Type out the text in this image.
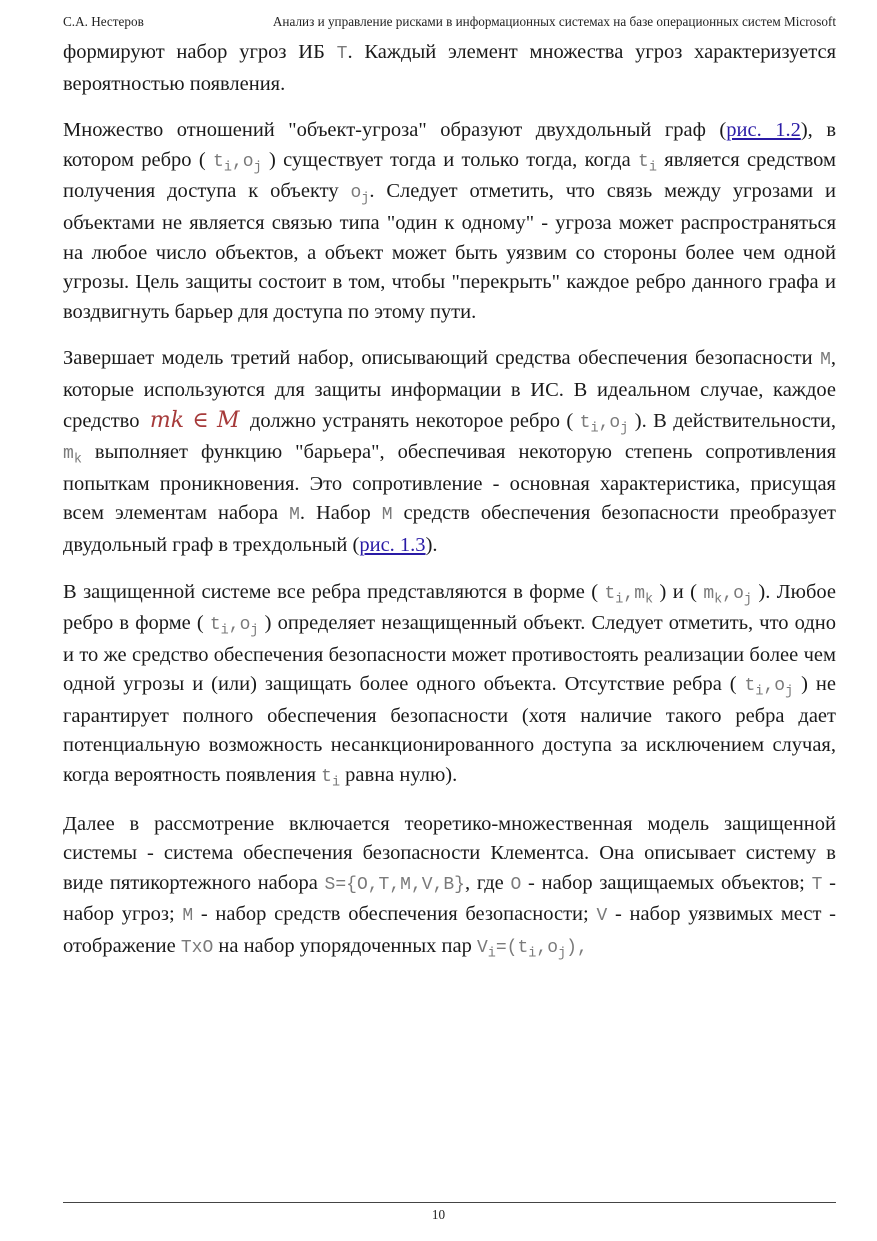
С.А. Нестеров	Анализ и управление рисками в информационных системах на базе операционных систем Microsoft

формируют набор угроз ИБ T. Каждый элемент множества угроз характеризуется вероятностью появления.

Множество отношений "объект-угроза" образуют двухдольный граф (рис. 1.2), в котором ребро ( $t_i,o_j$ ) существует тогда и только тогда, когда $t_i$ является средством получения доступа к объекту $o_j$. Следует отметить, что связь между угрозами и объектами не является связью типа "один к одному" - угроза может распространяться на любое число объектов, а объект может быть уязвим со стороны более чем одной угрозы. Цель защиты состоит в том, чтобы "перекрыть" каждое ребро данного графа и воздвигнуть барьер для доступа по этому пути.

Завершает модель третий набор, описывающий средства обеспечения безопасности M, которые используются для защиты информации в ИС. В идеальном случае, каждое средство mk ∈ M должно устранять некоторое ребро ( $t_i,o_j$ ). В действительности, $m_k$ выполняет функцию "барьера", обеспечивая некоторую степень сопротивления попыткам проникновения. Это сопротивление - основная характеристика, присущая всем элементам набора M. Набор M средств обеспечения безопасности преобразует двудольный граф в трехдольный (рис. 1.3).

В защищенной системе все ребра представляются в форме ( $t_i,m_k$ ) и ( $m_k,o_j$ ). Любое ребро в форме ( $t_i,o_j$ ) определяет незащищенный объект. Следует отметить, что одно и то же средство обеспечения безопасности может противостоять реализации более чем одной угрозы и (или) защищать более одного объекта. Отсутствие ребра ( $t_i,o_j$ ) не гарантирует полного обеспечения безопасности (хотя наличие такого ребра дает потенциальную возможность несанкционированного доступа за исключением случая, когда вероятность появления $t_i$ равна нулю).

Далее в рассмотрение включается теоретико-множественная модель защищенной системы - система обеспечения безопасности Клементса. Она описывает систему в виде пятикортежного набора S={O,T,M,V,B}, где O - набор защищаемых объектов; T - набор угроз; M - набор средств обеспечения безопасности; V - набор уязвимых мест - отображение TxO на набор упорядоченных пар $V_i=(t_i,o_j)$,

10
